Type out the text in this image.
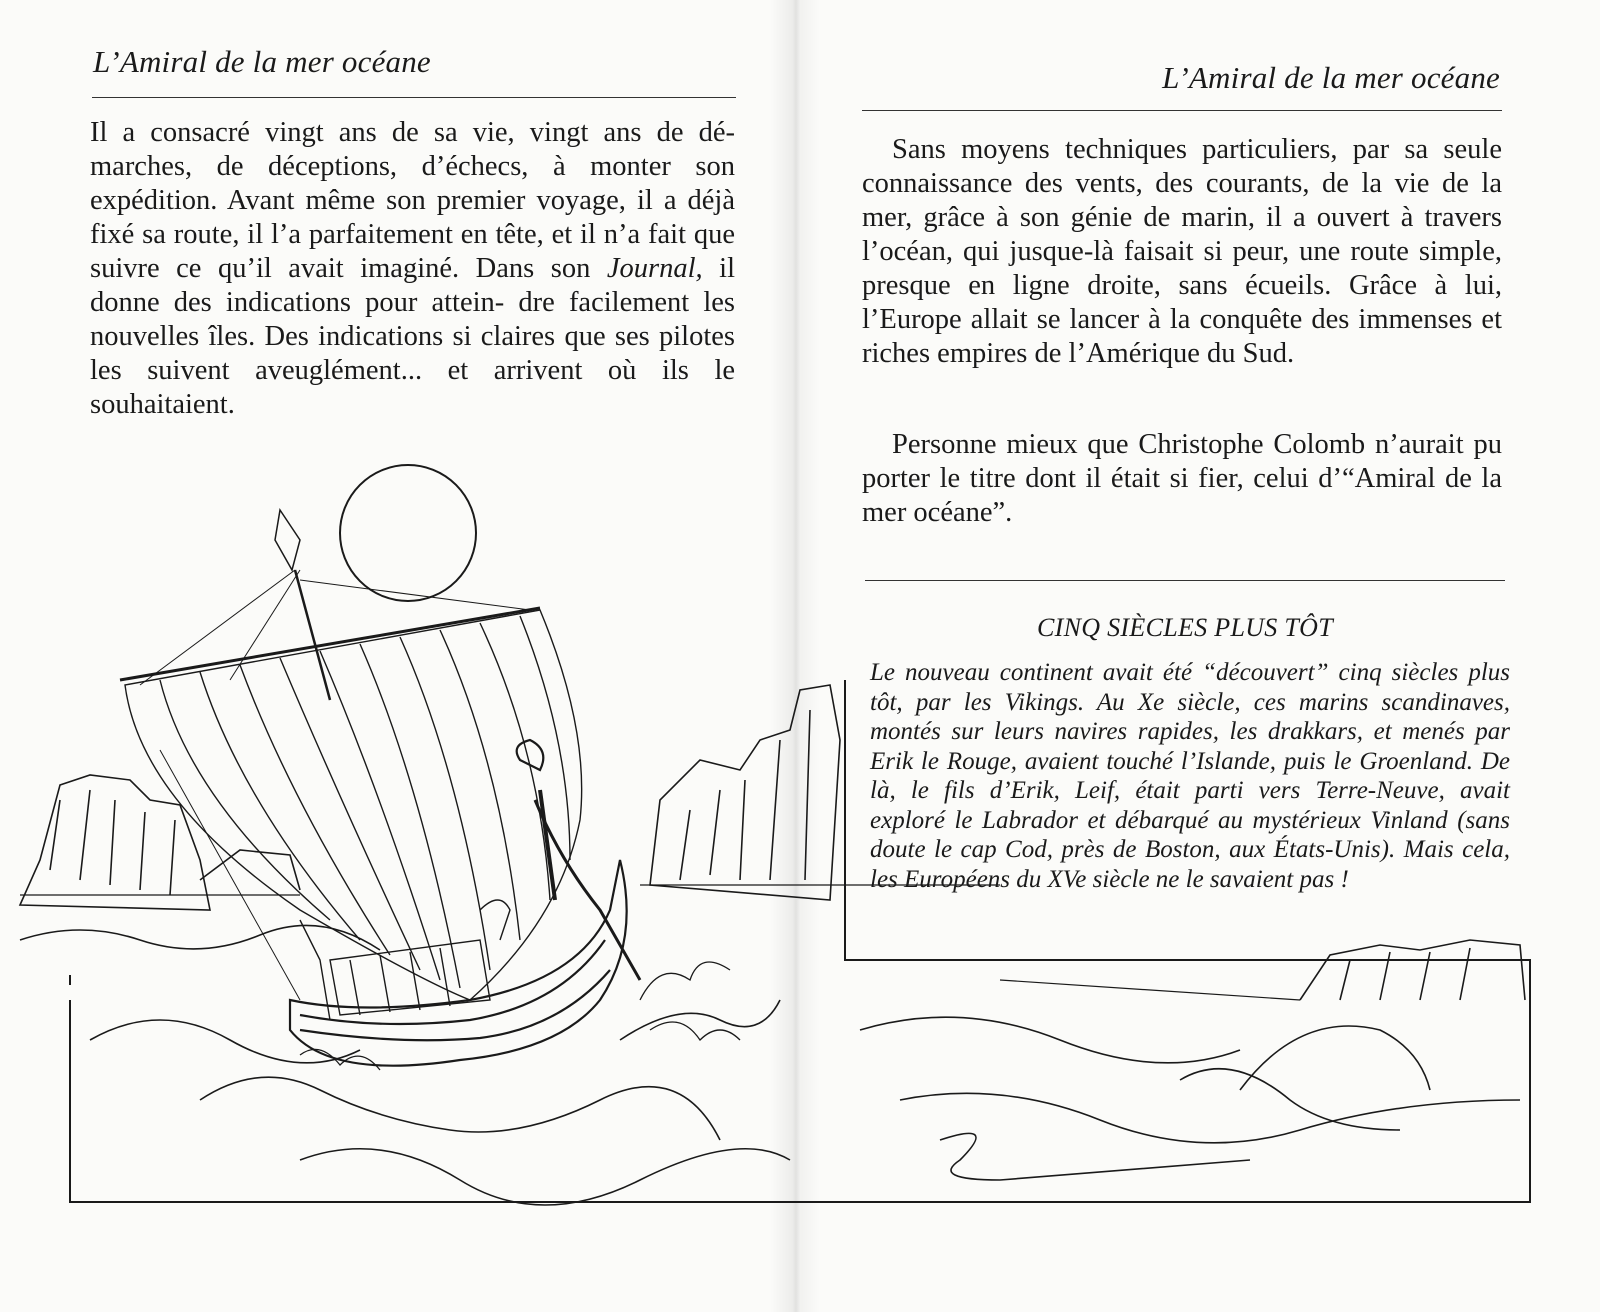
L’Amiral de la mer océane
Il a consacré vingt ans de sa vie, vingt ans de dé- marches, de déceptions, d’échecs, à monter son expédition. Avant même son premier voyage, il a déjà fixé sa route, il l’a parfaitement en tête, et il n’a fait que suivre ce qu’il avait imaginé. Dans son Journal, il donne des indications pour attein- dre facilement les nouvelles îles. Des indications si claires que ses pilotes les suivent aveuglément... et arrivent où ils le souhaitaient.
L’Amiral de la mer océane
Sans moyens techniques particuliers, par sa seule connaissance des vents, des courants, de la vie de la mer, grâce à son génie de marin, il a ouvert à travers l’océan, qui jusque-là faisait si peur, une route simple, presque en ligne droite, sans écueils. Grâce à lui, l’Europe allait se lancer à la conquête des immenses et riches empires de l’Amérique du Sud.
Personne mieux que Christophe Colomb n’aurait pu porter le titre dont il était si fier, celui d’“Amiral de la mer océane”.
CINQ SIÈCLES PLUS TÔT
Le nouveau continent avait été “découvert” cinq siècles plus tôt, par les Vikings. Au Xe siècle, ces marins scandinaves, montés sur leurs navires rapides, les drakkars, et menés par Erik le Rouge, avaient touché l’Islande, puis le Groenland. De là, le fils d’Erik, Leif, était parti vers Terre-Neuve, avait exploré le Labrador et débarqué au mystérieux Vinland (sans doute le cap Cod, près de Boston, aux États-Unis). Mais cela, les Européens du XVe siècle ne le savaient pas !
